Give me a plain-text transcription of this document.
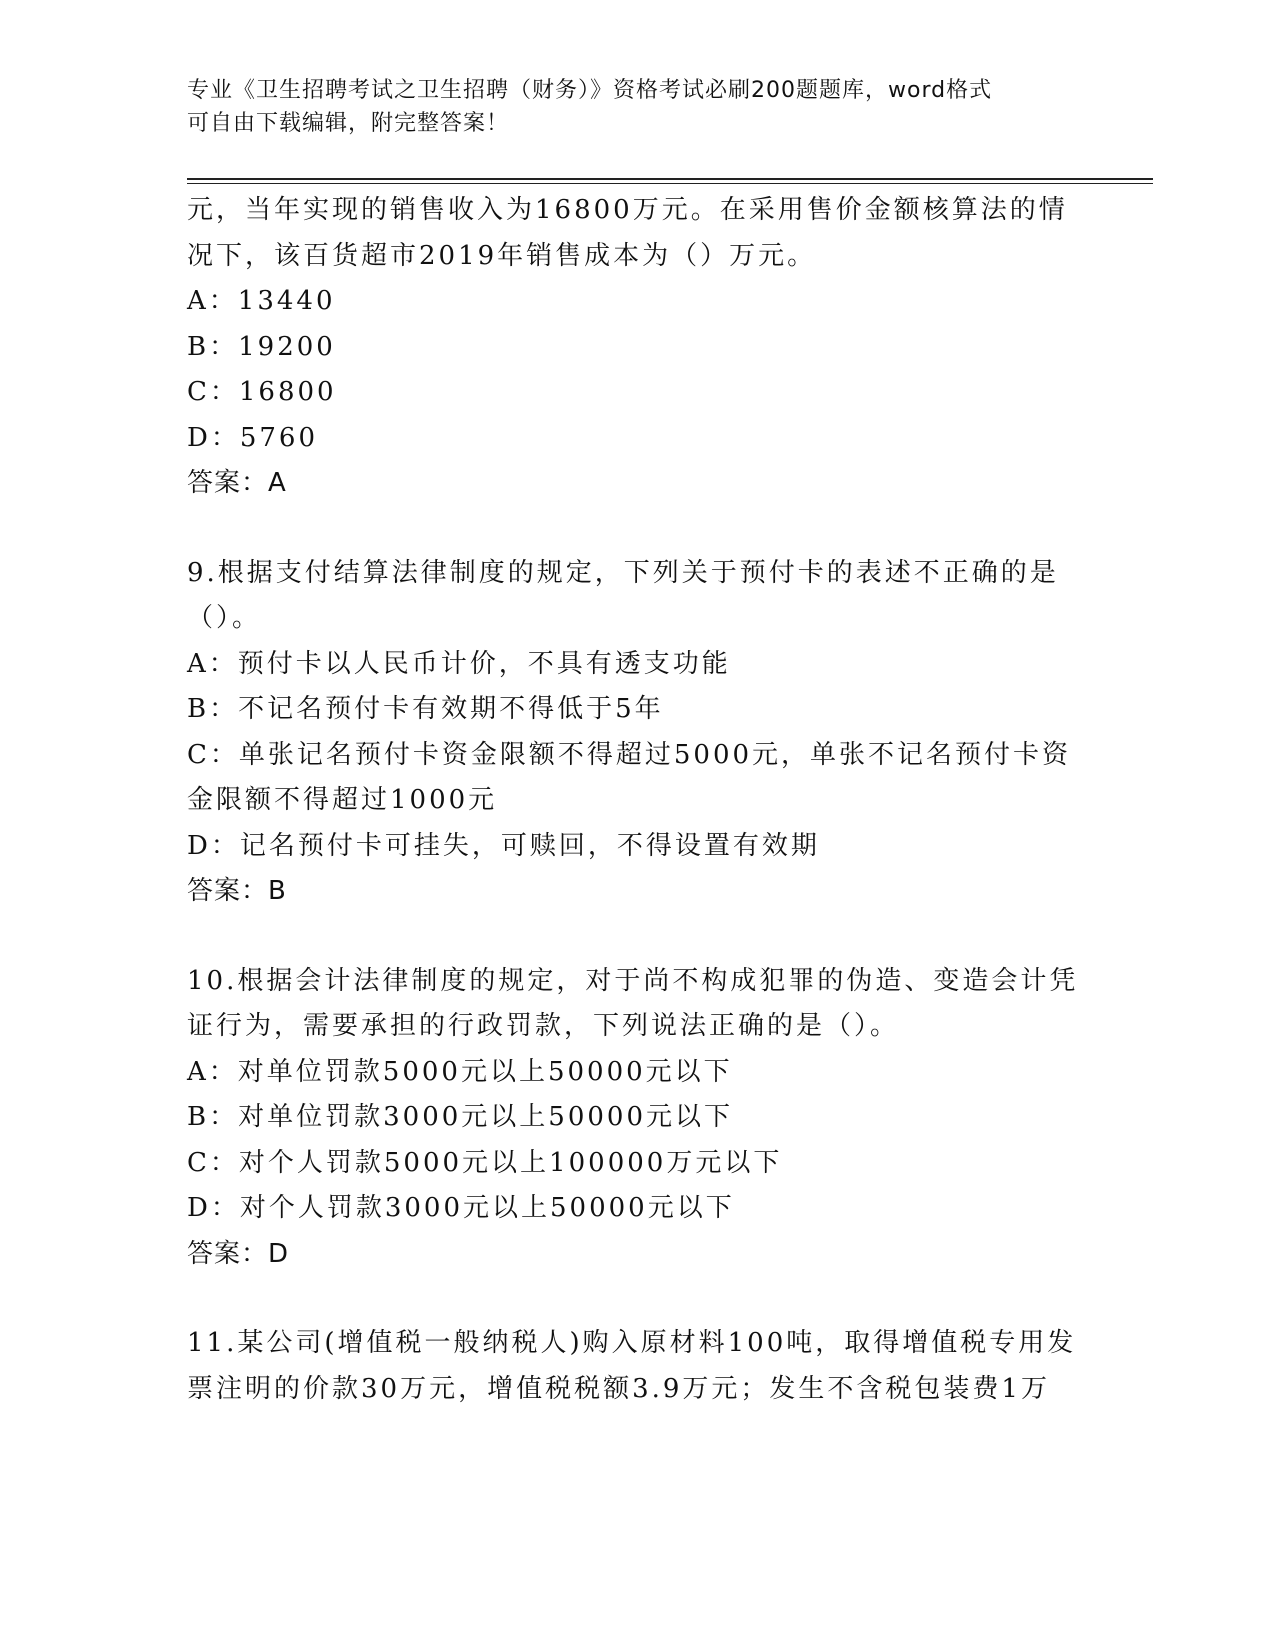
专业《卫生招聘考试之卫生招聘（财务）》资格考试必刷200题题库，word格式
可自由下载编辑，附完整答案！
元，当年实现的销售收入为16800万元。在采用售价金额核算法的情
况下，该百货超市2019年销售成本为（）万元。
A：13440
B：19200
C：16800
D：5760
答案：A
9.根据支付结算法律制度的规定，下列关于预付卡的表述不正确的是
（）。
A：预付卡以人民币计价，不具有透支功能
B：不记名预付卡有效期不得低于5年
C：单张记名预付卡资金限额不得超过5000元，单张不记名预付卡资
金限额不得超过1000元
D：记名预付卡可挂失，可赎回，不得设置有效期
答案：B
10.根据会计法律制度的规定，对于尚不构成犯罪的伪造、变造会计凭
证行为，需要承担的行政罚款，下列说法正确的是（）。
A：对单位罚款5000元以上50000元以下
B：对单位罚款3000元以上50000元以下
C：对个人罚款5000元以上100000万元以下
D：对个人罚款3000元以上50000元以下
答案：D
11.某公司(增值税一般纳税人)购入原材料100吨，取得增值税专用发
票注明的价款30万元，增值税税额3.9万元；发生不含税包装费1万
